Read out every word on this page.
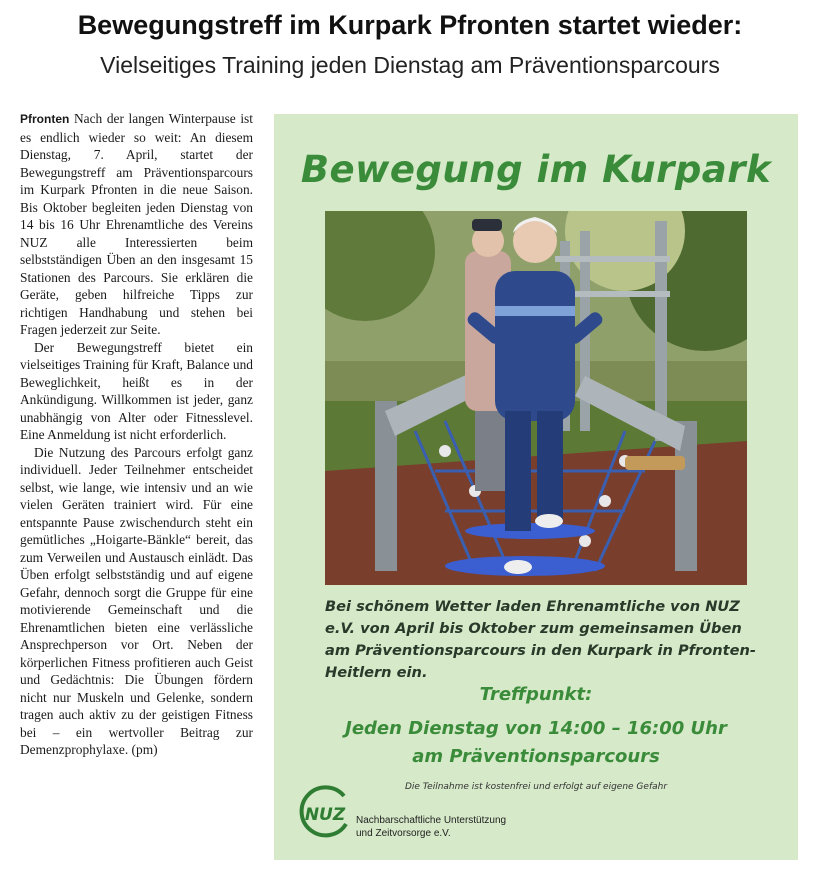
Bewegungstreff im Kurpark Pfronten startet wieder:
Vielseitiges Training jeden Dienstag am Präventionsparcours

Pfronten Nach der langen Winterpause ist es endlich wieder so weit: An diesem Dienstag, 7. April, startet der Bewegungstreff am Präventionsparcours im Kurpark Pfronten in die neue Saison. Bis Oktober begleiten jeden Dienstag von 14 bis 16 Uhr Ehrenamtliche des Vereins NUZ alle Interessierten beim selbstständigen Üben an den insgesamt 15 Stationen des Parcours. Sie erklären die Geräte, geben hilfreiche Tipps zur richtigen Handhabung und stehen bei Fragen jederzeit zur Seite.

Der Bewegungstreff bietet ein vielseitiges Training für Kraft, Balance und Beweglichkeit, heißt es in der Ankündigung. Willkommen ist jeder, ganz unabhängig von Alter oder Fitnesslevel. Eine Anmeldung ist nicht erforderlich.

Die Nutzung des Parcours erfolgt ganz individuell. Jeder Teilnehmer entscheidet selbst, wie lange, wie intensiv und an wie vielen Geräten trainiert wird. Für eine entspannte Pause zwischendurch steht ein gemütliches „Hoigarte-Bänkle“ bereit, das zum Verweilen und Austausch einlädt. Das Üben erfolgt selbstständig und auf eigene Gefahr, dennoch sorgt die Gruppe für eine motivierende Gemeinschaft und die Ehrenamtlichen bieten eine verlässliche Ansprechperson vor Ort. Neben der körperlichen Fitness profitieren auch Geist und Gedächtnis: Die Übungen fördern nicht nur Muskeln und Gelenke, sondern tragen auch aktiv zu der geistigen Fitness bei – ein wertvoller Beitrag zur Demenzprophylaxe. (pm)

Bewegung im Kurpark
Bei schönem Wetter laden Ehrenamtliche von NUZ e.V. von April bis Oktober zum gemeinsamen Üben am Präventionsparcours in den Kurpark in Pfronten-Heitlern ein.
Treffpunkt:
Jeden Dienstag von 14:00 – 16:00 Uhr
am Präventionsparcours
Die Teilnahme ist kostenfrei und erfolgt auf eigene Gefahr
NUZ Nachbarschaftliche Unterstützung
und Zeitvorsorge e.V.
